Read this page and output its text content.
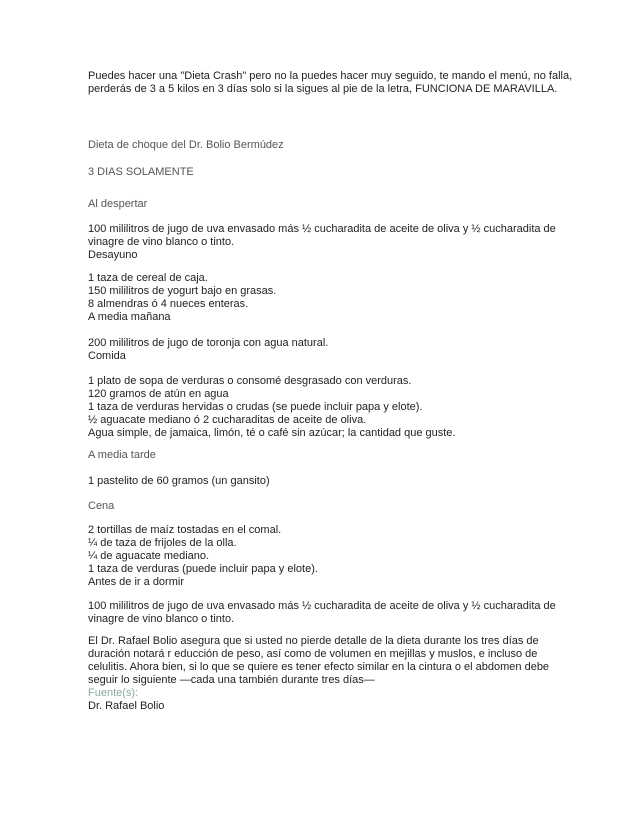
Puedes hacer una "Dieta Crash" pero no la puedes hacer muy seguido, te mando el menú, no falla,
perderás de 3 a 5 kilos en 3 días solo si la sigues al pie de la letra, FUNCIONA DE MARAVILLA.
Dieta de choque del Dr. Bolio Bermúdez
3 DIAS SOLAMENTE
Al despertar
100 mililitros de jugo de uva envasado más ½ cucharadita de aceite de oliva y ½ cucharadita de
vinagre de vino blanco o tinto.
Desayuno
1 taza de cereal de caja.
150 mililitros de yogurt bajo en grasas.
8 almendras ó 4 nueces enteras.
A media mañana
200 mililitros de jugo de toronja con agua natural.
Comida
1 plato de sopa de verduras o consomé desgrasado con verduras.
120 gramos de atún en agua
1 taza de verduras hervidas o crudas (se puede incluir papa y elote).
½ aguacate mediano ó 2 cucharaditas de aceite de oliva.
Agua simple, de jamaica, limón, té o café sin azúcar; la cantidad que guste.
A media tarde
1 pastelito de 60 gramos (un gansito)
Cena
2 tortillas de maíz tostadas en el comal.
¼ de taza de frijoles de la olla.
¼ de aguacate mediano.
1 taza de verduras (puede incluir papa y elote).
Antes de ir a dormir
100 mililitros de jugo de uva envasado más ½ cucharadita de aceite de oliva y ½ cucharadita de
vinagre de vino blanco o tinto.
El Dr. Rafael Bolio asegura que si usted no pierde detalle de la dieta durante los tres días de
duración notará r educción de peso, así como de volumen en mejillas y muslos, e incluso de
celulitis. Ahora bien, si lo que se quiere es tener efecto similar en la cintura o el abdomen debe
seguir lo siguiente —cada una también durante tres días—
Fuente(s):
Dr. Rafael Bolio
